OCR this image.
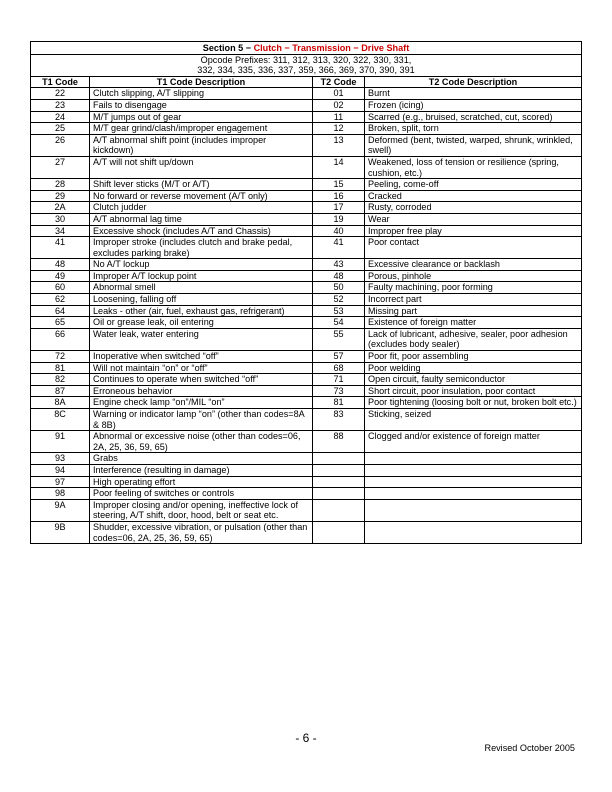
Section 5 − Clutch − Transmission − Drive Shaft			

Opcode Prefixes: 311, 312, 313, 320, 322, 330, 331,
332, 334, 335, 336, 337, 359, 366, 369, 370, 390, 391			

T1 Code	T1 Code Description	T2 Code	T2 Code Description
22	Clutch slipping, A/T slipping	01	Burnt
23	Fails to disengage	02	Frozen (icing)
24	M/T jumps out of gear	11	Scarred (e.g., bruised, scratched, cut, scored)
25	M/T gear grind/clash/improper engagement	12	Broken, split, torn
26	A/T abnormal shift point (includes improper kickdown)	13	Deformed (bent, twisted, warped, shrunk, wrinkled, swell)
27	A/T will not shift up/down	14	Weakened, loss of tension or resilience (spring, cushion, etc.)
28	Shift lever sticks (M/T or A/T)	15	Peeling, come-off
29	No forward or reverse movement (A/T only)	16	Cracked
2A	Clutch judder	17	Rusty, corroded
30	A/T abnormal lag time	19	Wear
34	Excessive shock (includes A/T and Chassis)	40	Improper free play
41	Improper stroke (includes clutch and brake pedal, excludes parking brake)	41	Poor contact
48	No A/T lockup	43	Excessive clearance or backlash
49	Improper A/T lockup point	48	Porous, pinhole
60	Abnormal smell	50	Faulty machining, poor forming
62	Loosening, falling off	52	Incorrect part
64	Leaks - other (air, fuel, exhaust gas, refrigerant)	53	Missing part
65	Oil or grease leak, oil entering	54	Existence of foreign matter
66	Water leak, water entering	55	Lack of lubricant, adhesive, sealer, poor adhesion (excludes body sealer)
72	Inoperative when switched “off”	57	Poor fit, poor assembling
81	Will not maintain “on” or “off”	68	Poor welding
82	Continues to operate when switched “off”	71	Open circuit, faulty semiconductor
87	Erroneous behavior	73	Short circuit, poor insulation, poor contact
8A	Engine check lamp “on”/MIL “on”	81	Poor tightening (loosing bolt or nut, broken bolt etc.)
8C	Warning or indicator lamp “on” (other than codes=8A & 8B)	83	Sticking, seized
91	Abnormal or excessive noise (other than codes=06, 2A, 25, 36, 59, 65)	88	Clogged and/or existence of foreign matter
93	Grabs		
94	Interference (resulting in damage)		
97	High operating effort		
98	Poor feeling of switches or controls		
9A	Improper closing and/or opening, ineffective lock of steering, A/T shift, door, hood, belt or seat etc.		
9B	Shudder, excessive vibration, or pulsation (other than codes=06, 2A, 25, 36, 59, 65)		
- 6 -
Revised October 2005
